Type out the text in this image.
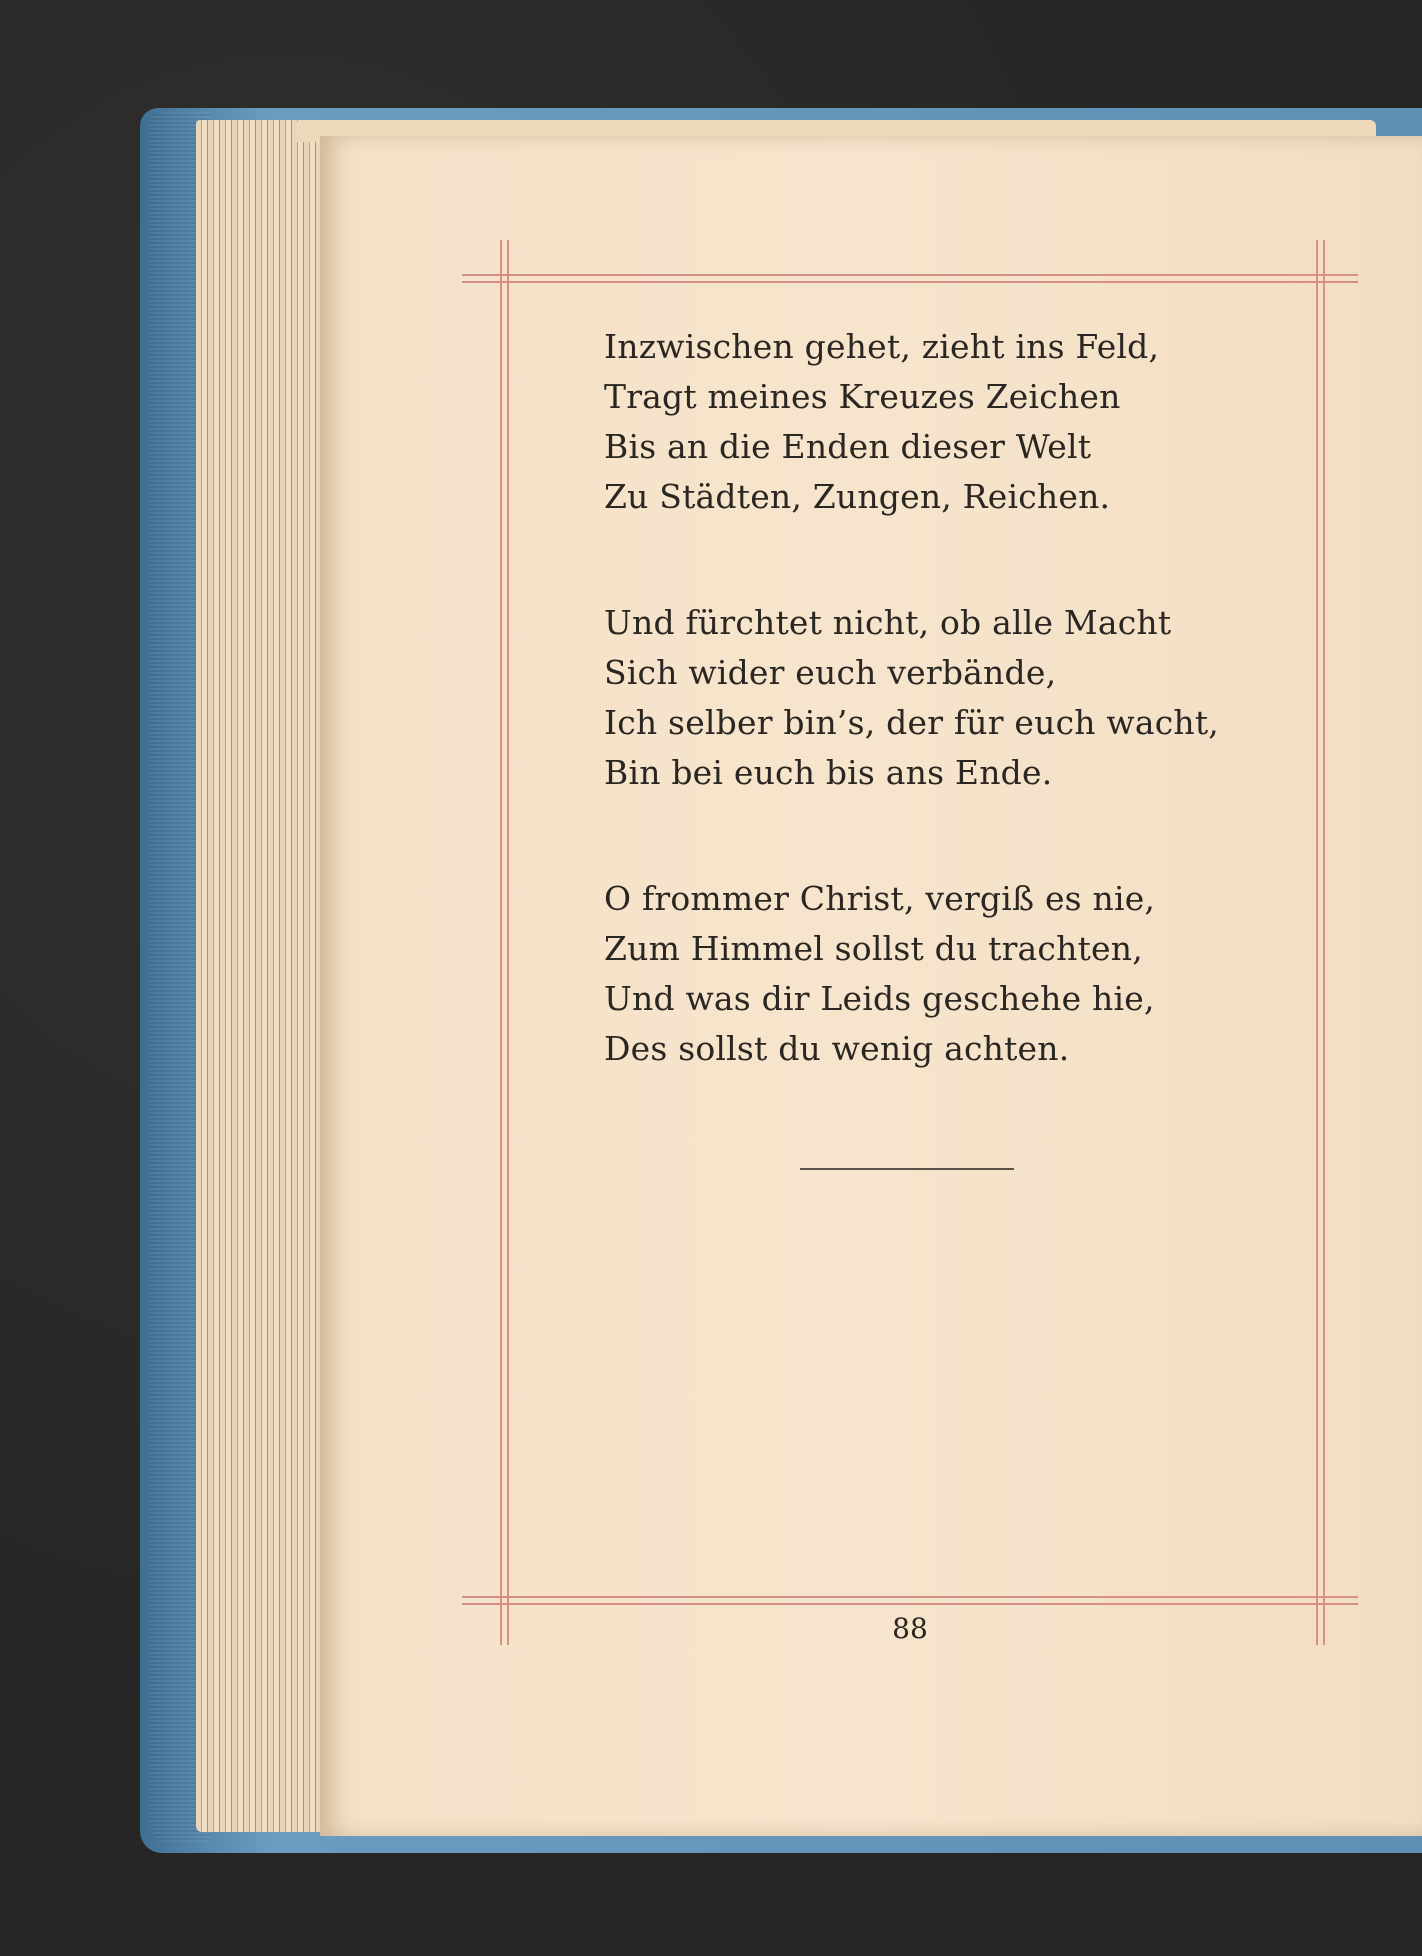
Inzwischen gehet, zieht ins Feld,
Tragt meines Kreuzes Zeichen
Bis an die Enden dieser Welt
Zu Städten, Zungen, Reichen.
Und fürchtet nicht, ob alle Macht
Sich wider euch verbände,
Ich selber bin’s, der für euch wacht,
Bin bei euch bis ans Ende.
O frommer Christ, vergiß es nie,
Zum Himmel sollst du trachten,
Und was dir Leids geschehe hie,
Des sollst du wenig achten.
88
